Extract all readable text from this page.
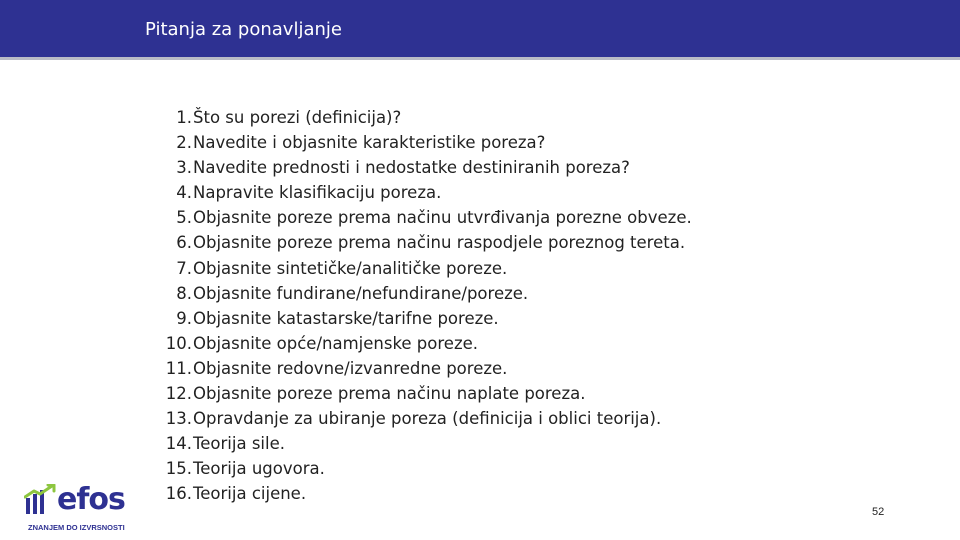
Pitanja za ponavljanje
1. Što su porezi (definicija)?
2. Navedite i objasnite karakteristike poreza?
3. Navedite prednosti i nedostatke destiniranih poreza?
4. Napravite klasifikaciju poreza.
5. Objasnite poreze prema načinu utvrđivanja porezne obveze.
6. Objasnite poreze prema načinu raspodjele poreznog tereta.
7. Objasnite sintetičke/analitičke poreze.
8. Objasnite fundirane/nefundirane/poreze.
9. Objasnite katastarske/tarifne poreze.
10. Objasnite opće/namjenske poreze.
11. Objasnite redovne/izvanredne poreze.
12. Objasnite poreze prema načinu naplate poreza.
13. Opravdanje za ubiranje poreza (definicija i oblici teorija).
14. Teorija sile.
15. Teorija ugovora.
16. Teorija cijene.
efos
ZNANJEM DO IZVRSNOSTI
52
